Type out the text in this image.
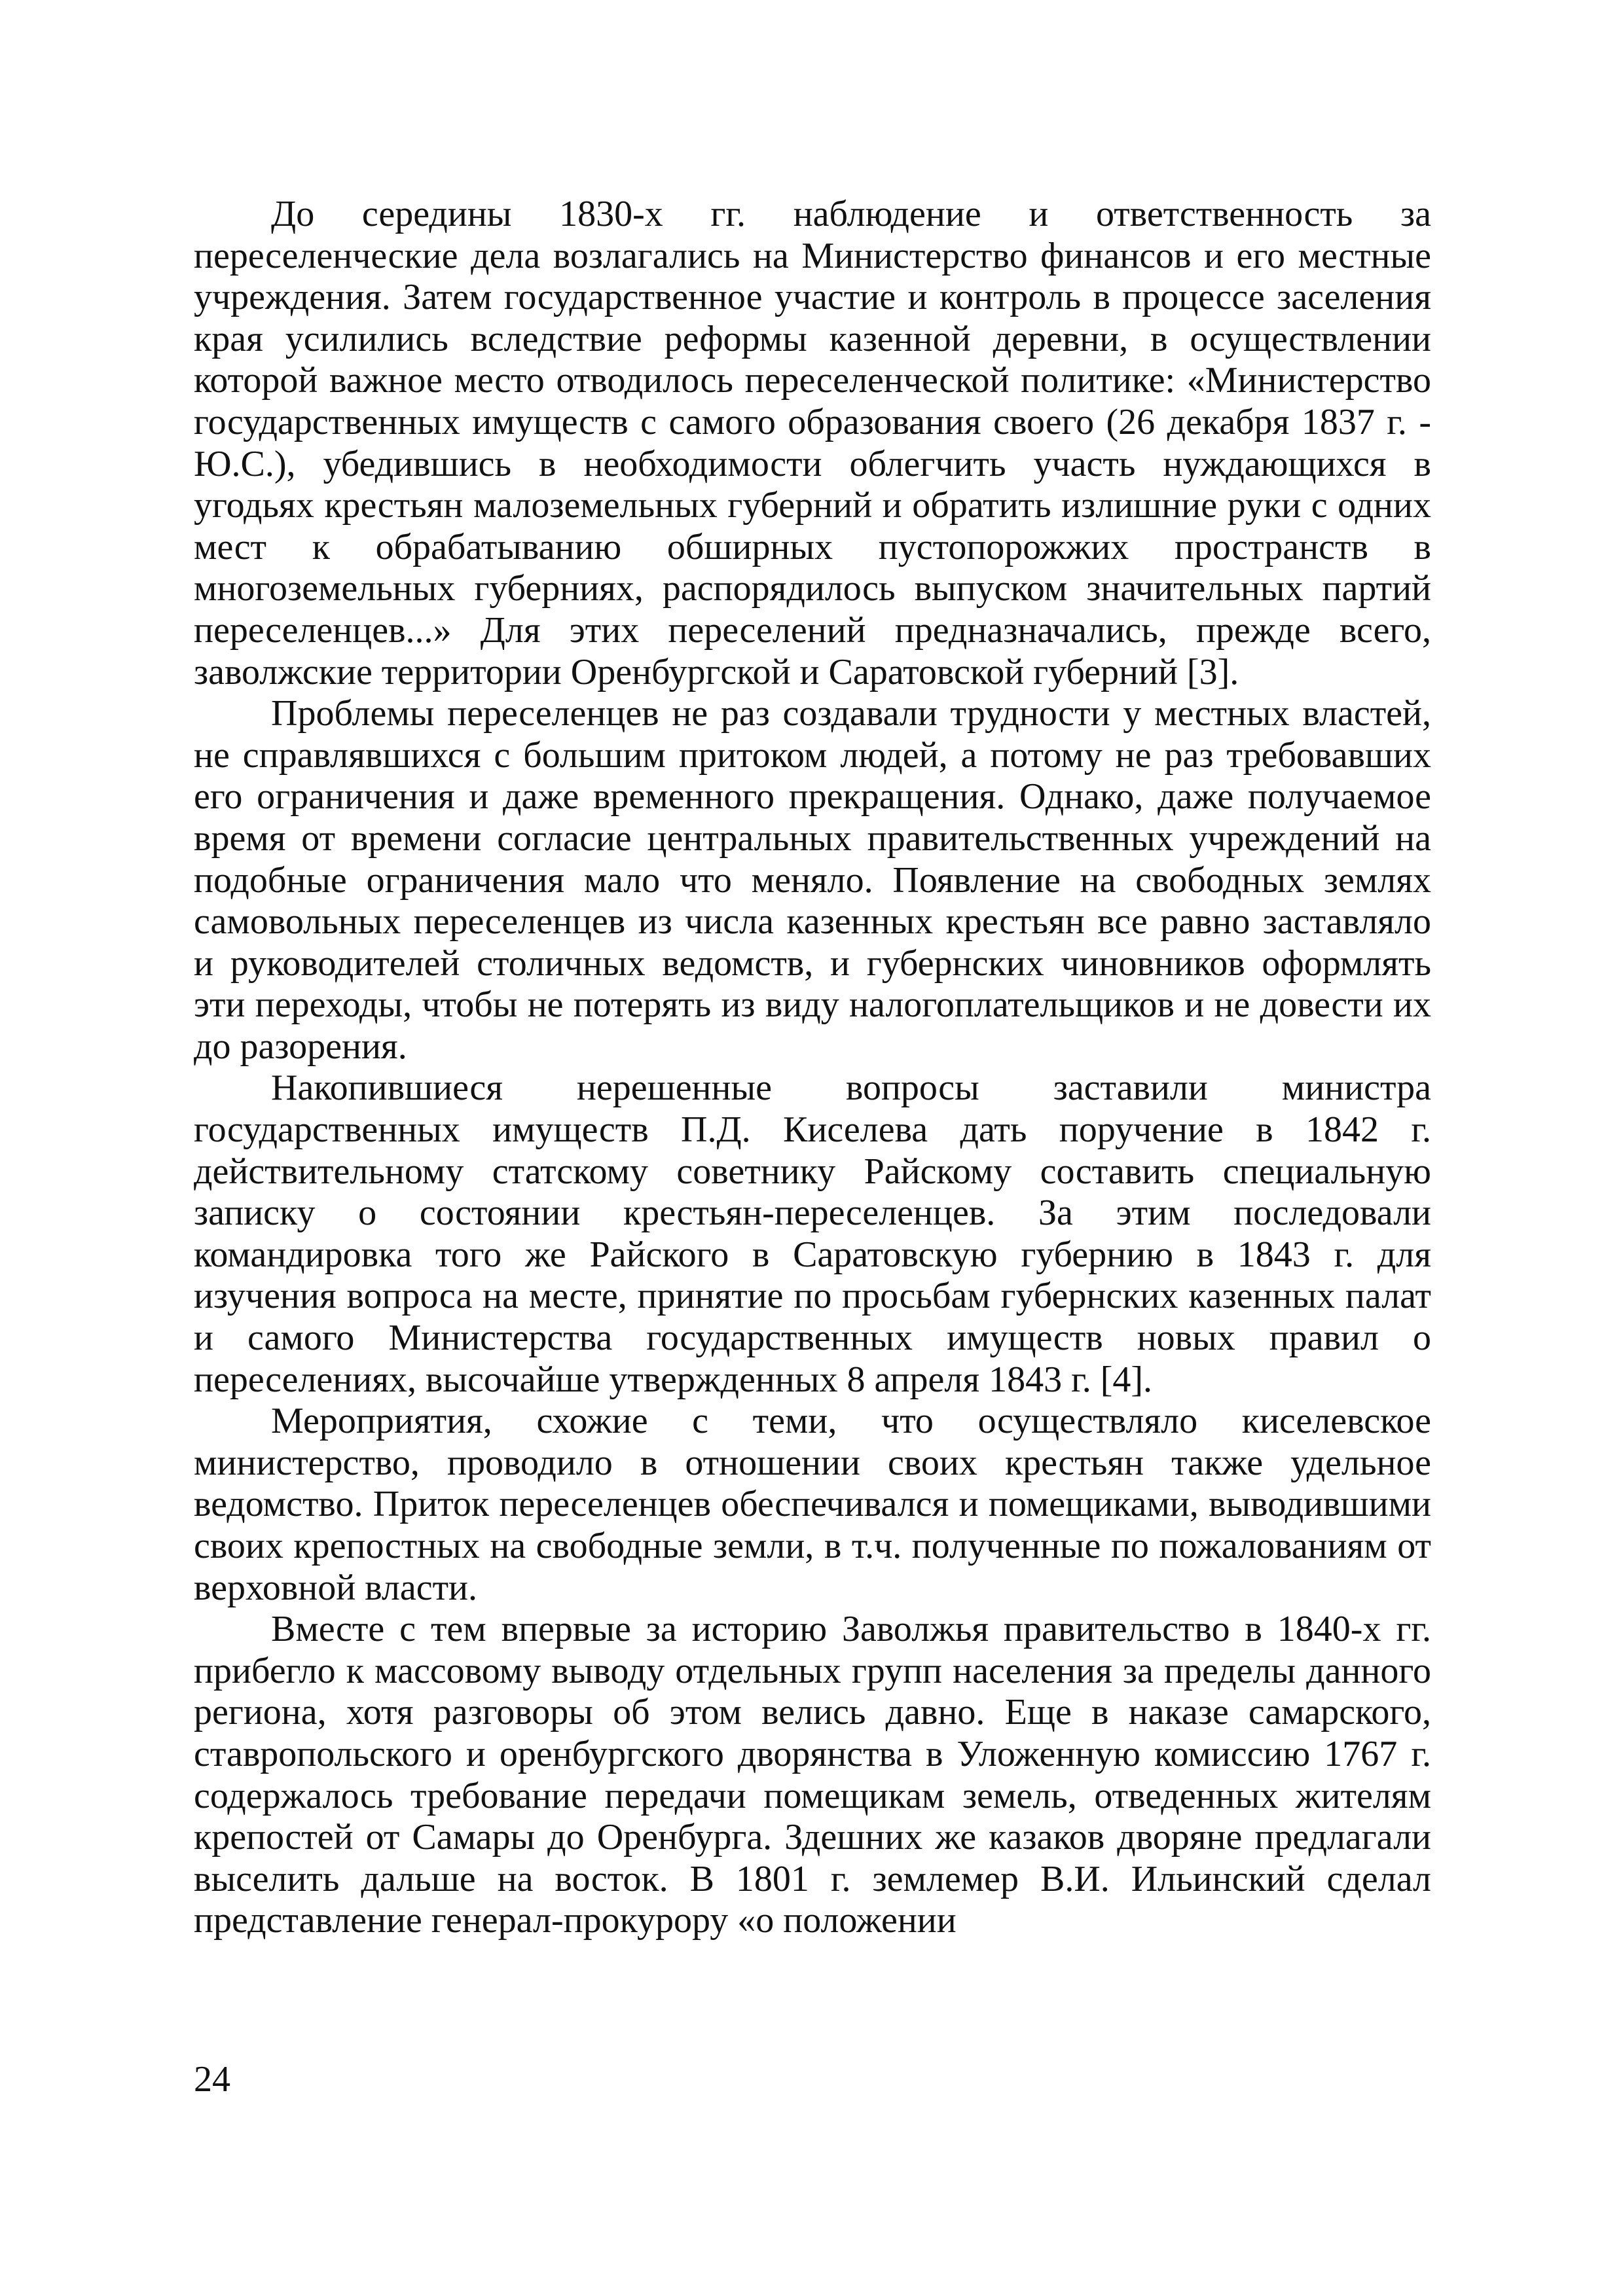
До середины 1830-х гг. наблюдение и ответственность за переселенческие дела возлагались на Министерство финансов и его местные учреждения. Затем государственное участие и контроль в процессе заселения края усилились вследствие реформы казенной деревни, в осуществлении которой важное место отводилось переселенческой политике: «Министерство государственных имуществ с самого образования своего (26 декабря 1837 г. - Ю.С.), убедившись в необходимости облегчить участь нуждающихся в угодьях крестьян малоземельных губерний и обратить излишние руки с одних мест к обрабатыванию обширных пустопорожжих пространств в многоземельных губерниях, распорядилось выпуском значительных партий переселенцев...» Для этих переселений предназначались, прежде всего, заволжские территории Оренбургской и Саратовской губерний [3].

Проблемы переселенцев не раз создавали трудности у местных властей, не справлявшихся с большим притоком людей, а потому не раз требовавших его ограничения и даже временного прекращения. Однако, даже получаемое время от времени согласие центральных правительственных учреждений на подобные ограничения мало что меняло. Появление на свободных землях самовольных переселенцев из числа казенных крестьян все равно заставляло и руководителей столичных ведомств, и губернских чиновников оформлять эти переходы, чтобы не потерять из виду налогоплательщиков и не довести их до разорения.

Накопившиеся нерешенные вопросы заставили министра государственных имуществ П.Д. Киселева дать поручение в 1842 г. действительному статскому советнику Райскому составить специальную записку о состоянии крестьян-переселенцев. За этим последовали командировка того же Райского в Саратовскую губернию в 1843 г. для изучения вопроса на месте, принятие по просьбам губернских казенных палат и самого Министерства государственных имуществ новых правил о переселениях, высочайше утвержденных 8 апреля 1843 г. [4].

Мероприятия, схожие с теми, что осуществляло киселевское министерство, проводило в отношении своих крестьян также удельное ведомство. Приток переселенцев обеспечивался и помещиками, выводившими своих крепостных на свободные земли, в т.ч. полученные по пожалованиям от верховной власти.

Вместе с тем впервые за историю Заволжья правительство в 1840-х гг. прибегло к массовому выводу отдельных групп населения за пределы данного региона, хотя разговоры об этом велись давно. Еще в наказе самарского, ставропольского и оренбургского дворянства в Уложенную комиссию 1767 г. содержалось требование передачи помещикам земель, отведенных жителям крепостей от Самары до Оренбурга. Здешних же казаков дворяне предлагали выселить дальше на восток. В 1801 г. землемер В.И. Ильинский сделал представление генерал-прокурору «о положении

24
